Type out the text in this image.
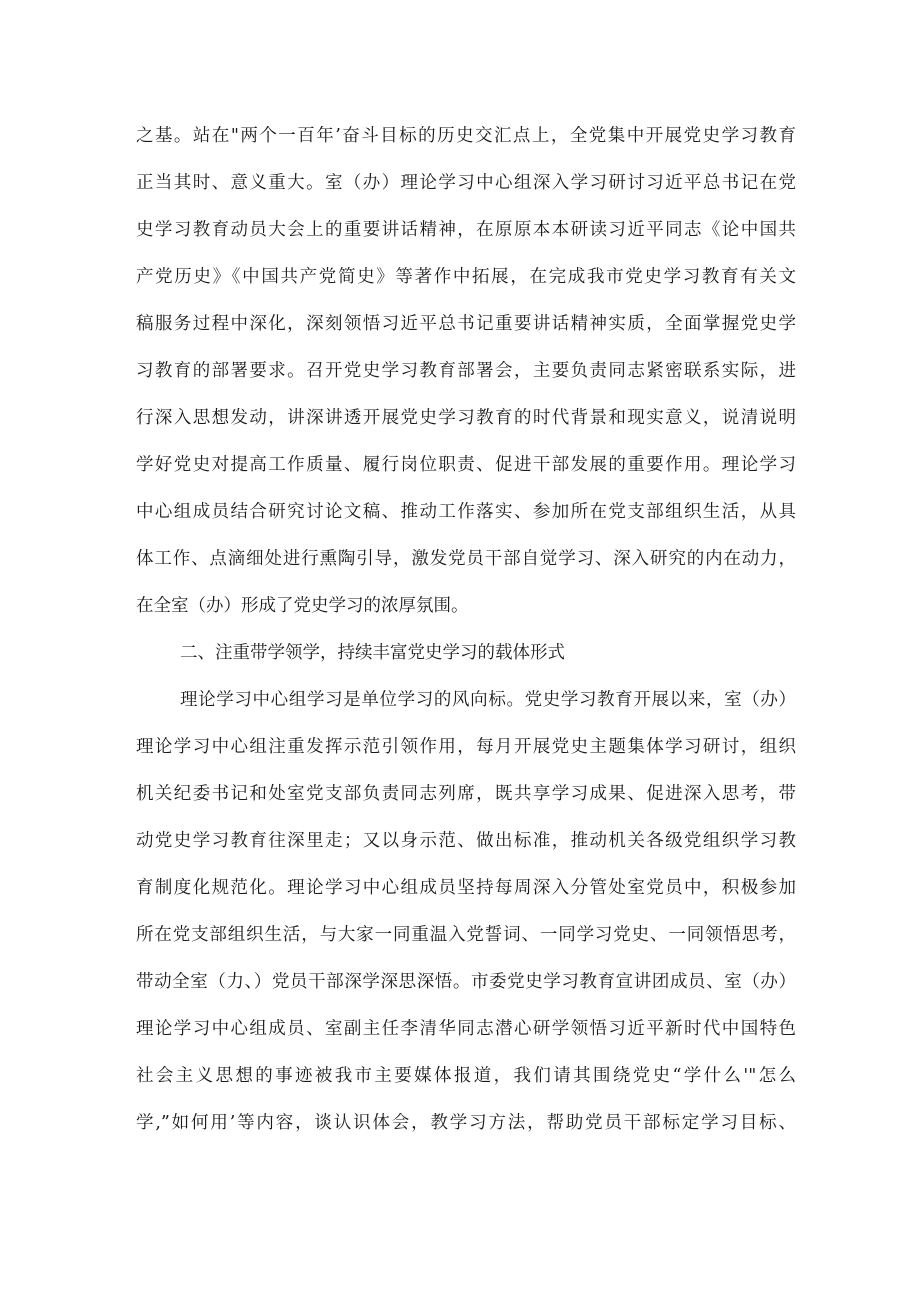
之基。站在"两个一百年’奋斗目标的历史交汇点上，全党集中开展党史学习教育
正当其时、意义重大。室（办）理论学习中心组深入学习研讨习近平总书记在党
史学习教育动员大会上的重要讲话精神，在原原本本研读习近平同志《论中国共
产党历史》《中国共产党简史》等著作中拓展，在完成我市党史学习教育有关文
稿服务过程中深化，深刻领悟习近平总书记重要讲话精神实质，全面掌握党史学
习教育的部署要求。召开党史学习教育部署会，主要负责同志紧密联系实际，进
行深入思想发动，讲深讲透开展党史学习教育的时代背景和现实意义，说清说明
学好党史对提高工作质量、履行岗位职责、促进干部发展的重要作用。理论学习
中心组成员结合研究讨论文稿、推动工作落实、参加所在党支部组织生活，从具
体工作、点滴细处进行熏陶引导，激发党员干部自觉学习、深入研究的内在动力，
在全室（办）形成了党史学习的浓厚氛围。
二、注重带学领学，持续丰富党史学习的载体形式
理论学习中心组学习是单位学习的风向标。党史学习教育开展以来，室（办）
理论学习中心组注重发挥示范引领作用，每月开展党史主题集体学习研讨，组织
机关纪委书记和处室党支部负责同志列席，既共享学习成果、促进深入思考，带
动党史学习教育往深里走；又以身示范、做出标准，推动机关各级党组织学习教
育制度化规范化。理论学习中心组成员坚持每周深入分管处室党员中，积极参加
所在党支部组织生活，与大家一同重温入党誓词、一同学习党史、一同领悟思考，
带动全室（力、）党员干部深学深思深悟。市委党史学习教育宣讲团成员、室（办）
理论学习中心组成员、室副主任李清华同志潜心研学领悟习近平新时代中国特色
社会主义思想的事迹被我市主要媒体报道，我们请其围绕党史“学什么'"怎么
学,”如何用’等内容，谈认识体会，教学习方法，帮助党员干部标定学习目标、
